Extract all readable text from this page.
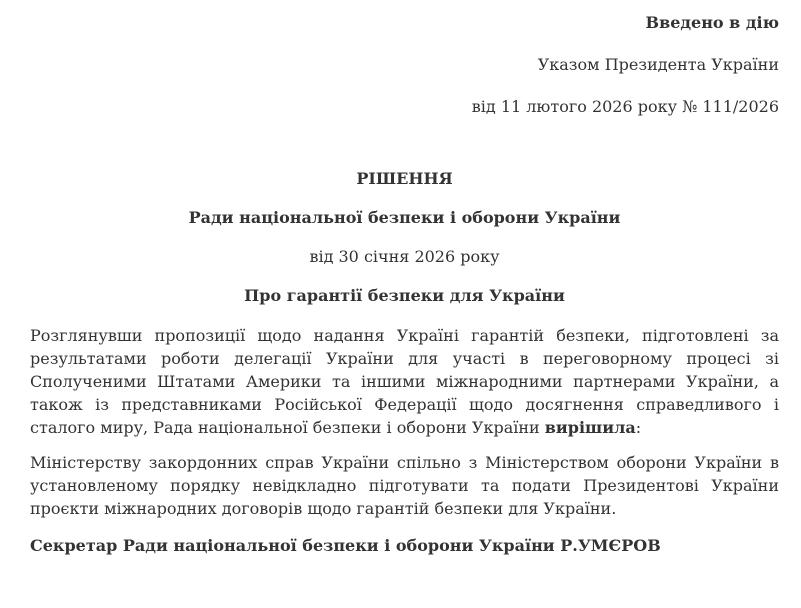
Введено в дію

Указом Президента України

від 11 лютого 2026 року № 111/2026

РІШЕННЯ

Ради національної безпеки і оборони України

від 30 січня 2026 року

Про гарантії безпеки для України

Розглянувши пропозиції щодо надання Україні гарантій безпеки, підготовлені за результатами роботи делегації України для участі в переговорному процесі зі Сполученими Штатами Америки та іншими міжнародними партнерами України, а також із представниками Російської Федерації щодо досягнення справедливого і сталого миру, Рада національної безпеки і оборони України вирішила:

Міністерству закордонних справ України спільно з Міністерством оборони України в установленому порядку невідкладно підготувати та подати Президентові України проєкти міжнародних договорів щодо гарантій безпеки для України.

Секретар Ради національної безпеки і оборони України Р.УМЄРОВ
